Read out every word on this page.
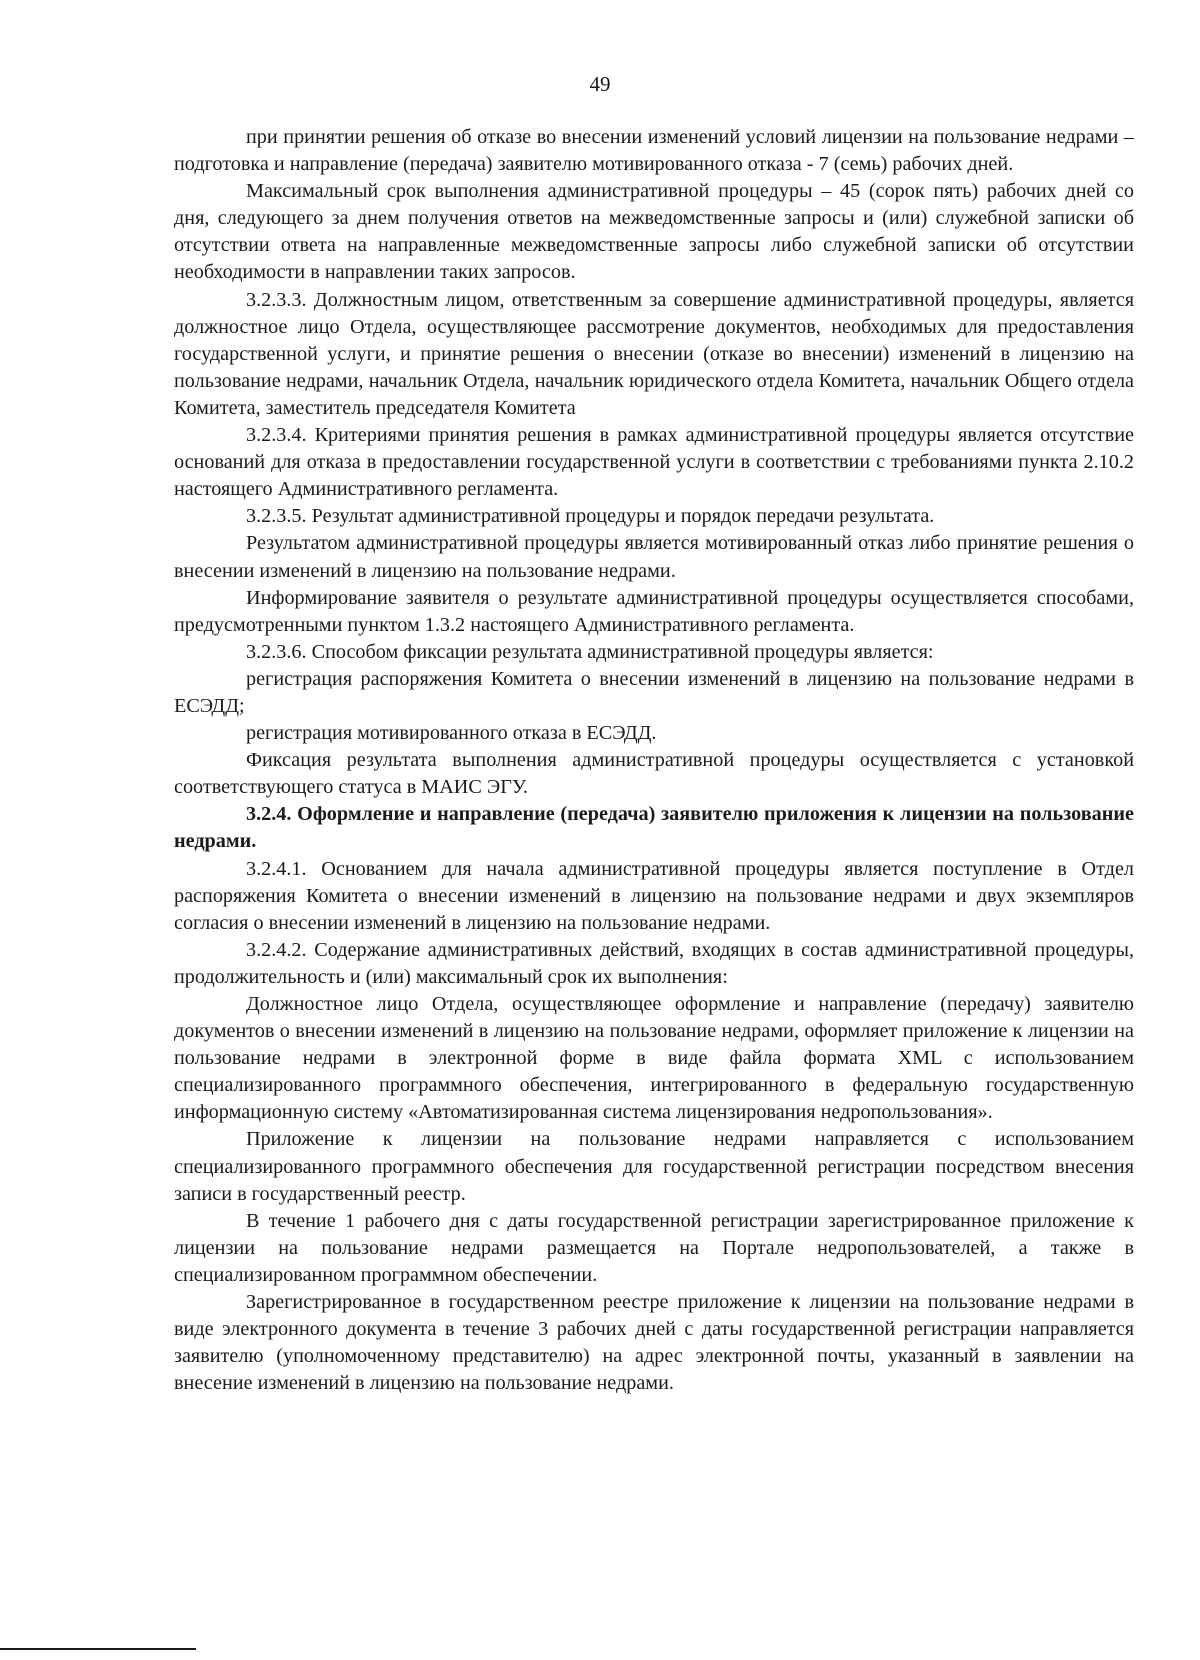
49

при принятии решения об отказе во внесении изменений условий лицензии на пользование недрами – подготовка и направление (передача) заявителю мотивированного отказа - 7 (семь) рабочих дней.

Максимальный срок выполнения административной процедуры – 45 (сорок пять) рабочих дней со дня, следующего за днем получения ответов на межведомственные запросы и (или) служебной записки об отсутствии ответа на направленные межведомственные запросы либо служебной записки об отсутствии необходимости в направлении таких запросов.

3.2.3.3. Должностным лицом, ответственным за совершение административной процедуры, является должностное лицо Отдела, осуществляющее рассмотрение документов, необходимых для предоставления государственной услуги, и принятие решения о внесении (отказе во внесении) изменений в лицензию на пользование недрами, начальник Отдела, начальник юридического отдела Комитета, начальник Общего отдела Комитета, заместитель председателя Комитета

3.2.3.4. Критериями принятия решения в рамках административной процедуры является отсутствие оснований для отказа в предоставлении государственной услуги в соответствии с требованиями пункта 2.10.2 настоящего Административного регламента.

3.2.3.5. Результат административной процедуры и порядок передачи результата.

Результатом административной процедуры является мотивированный отказ либо принятие решения о внесении изменений в лицензию на пользование недрами.

Информирование заявителя о результате административной процедуры осуществляется способами, предусмотренными пунктом 1.3.2 настоящего Административного регламента.

3.2.3.6. Способом фиксации результата административной процедуры является:

регистрация распоряжения Комитета о внесении изменений в лицензию на пользование недрами в ЕСЭДД;

регистрация мотивированного отказа в ЕСЭДД.

Фиксация результата выполнения административной процедуры осуществляется с установкой соответствующего статуса в МАИС ЭГУ.

3.2.4. Оформление и направление (передача) заявителю приложения к лицензии на пользование недрами.

3.2.4.1. Основанием для начала административной процедуры является поступление в Отдел распоряжения Комитета о внесении изменений в лицензию на пользование недрами и двух экземпляров согласия о внесении изменений в лицензию на пользование недрами.

3.2.4.2. Содержание административных действий, входящих в состав административной процедуры, продолжительность и (или) максимальный срок их выполнения:

Должностное лицо Отдела, осуществляющее оформление и направление (передачу) заявителю документов о внесении изменений в лицензию на пользование недрами, оформляет приложение к лицензии на пользование недрами в электронной форме в виде файла формата XML с использованием специализированного программного обеспечения, интегрированного в федеральную государственную информационную систему «Автоматизированная система лицензирования недропользования».

Приложение к лицензии на пользование недрами направляется с использованием специализированного программного обеспечения для государственной регистрации посредством внесения записи в государственный реестр.

В течение 1 рабочего дня с даты государственной регистрации зарегистрированное приложение к лицензии на пользование недрами размещается на Портале недропользователей, а также в специализированном программном обеспечении.

Зарегистрированное в государственном реестре приложение к лицензии на пользование недрами в виде электронного документа в течение 3 рабочих дней с даты государственной регистрации направляется заявителю (уполномоченному представителю) на адрес электронной почты, указанный в заявлении на внесение изменений в лицензию на пользование недрами.
